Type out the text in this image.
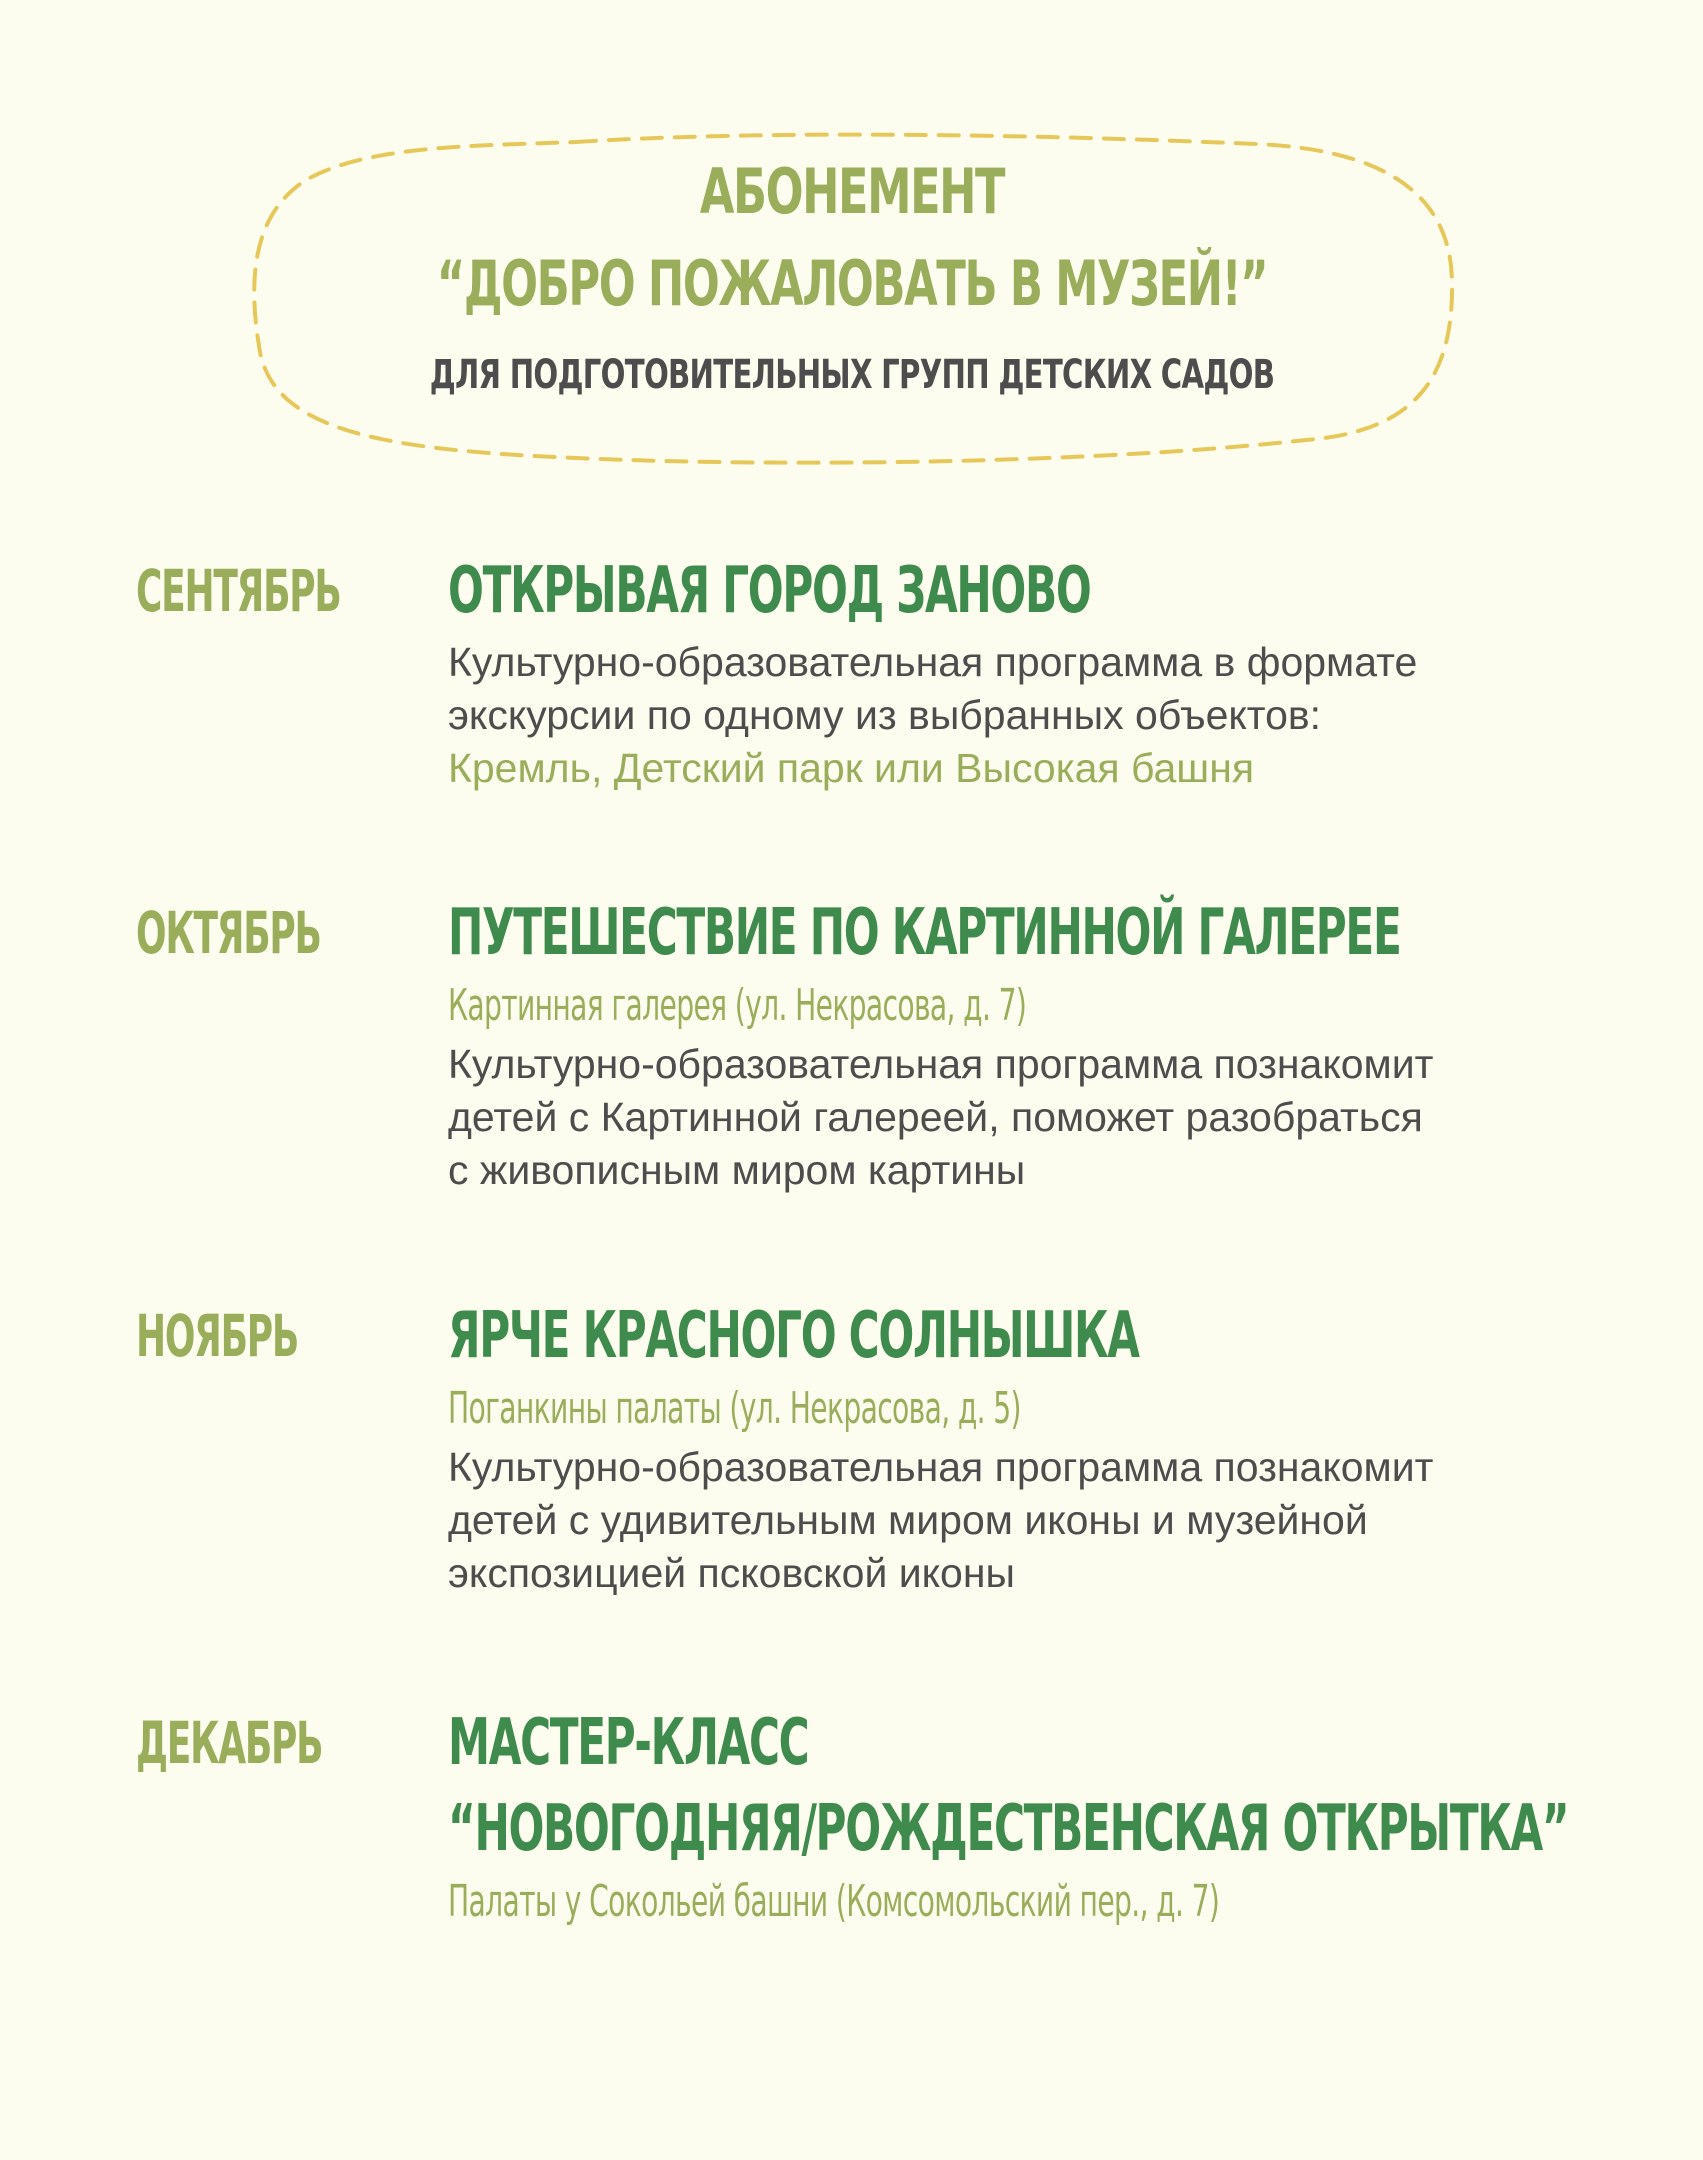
АБОНЕМЕНТ
“ДОБРО ПОЖАЛОВАТЬ В МУЗЕЙ!”
ДЛЯ ПОДГОТОВИТЕЛЬНЫХ ГРУПП ДЕТСКИХ САДОВ
СЕНТЯБРЬ	ОТКРЫВАЯ ГОРОД ЗАНОВО
Культурно-образовательная программа в формате
экскурсии по одному из выбранных объектов:
Кремль, Детский парк или Высокая башня
ОКТЯБРЬ	ПУТЕШЕСТВИЕ ПО КАРТИННОЙ ГАЛЕРЕЕ
Картинная галерея (ул. Некрасова, д. 7)
Культурно-образовательная программа познакомит
детей с Картинной галереей, поможет разобраться
с живописным миром картины
НОЯБРЬ	ЯРЧЕ КРАСНОГО СОЛНЫШКА
Поганкины палаты (ул. Некрасова, д. 5)
Культурно-образовательная программа познакомит
детей с удивительным миром иконы и музейной
экспозицией псковской иконы
ДЕКАБРЬ	МАСТЕР-КЛАСС
“НОВОГОДНЯЯ/РОЖДЕСТВЕНСКАЯ ОТКРЫТКА”
Палаты у Сокольей башни (Комсомольский пер., д. 7)
